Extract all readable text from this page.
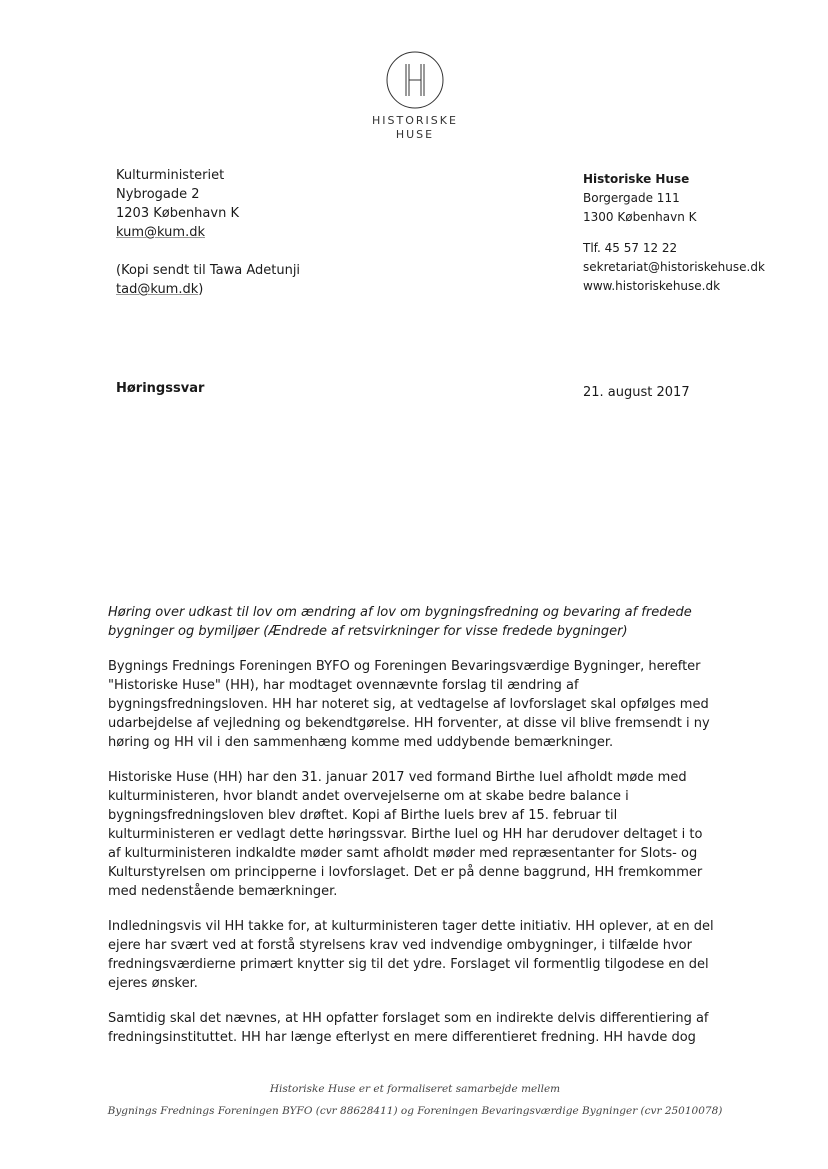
HISTORISKE
HUSE
Kulturministeriet
Nybrogade 2
1203 København K
kum@kum.dk
(Kopi sendt til Tawa Adetunji
tad@kum.dk)
Historiske Huse
Borgergade 111
1300 København K
Tlf. 45 57 12 22
sekretariat@historiskehuse.dk
www.historiskehuse.dk
Høringssvar	21. august 2017

Høring over udkast til lov om ændring af lov om bygningsfredning og bevaring af fredede bygninger og bymiljøer (Ændrede af retsvirkninger for visse fredede bygninger)

Bygnings Frednings Foreningen BYFO og Foreningen Bevaringsværdige Bygninger, herefter "Historiske Huse" (HH), har modtaget ovennævnte forslag til ændring af bygningsfredningsloven. HH har noteret sig, at vedtagelse af lovforslaget skal opfølges med udarbejdelse af vejledning og bekendtgørelse. HH forventer, at disse vil blive fremsendt i ny høring og HH vil i den sammenhæng komme med uddybende bemærkninger.

Historiske Huse (HH) har den 31. januar 2017 ved formand Birthe Iuel afholdt møde med kulturministeren, hvor blandt andet overvejelserne om at skabe bedre balance i bygningsfredningsloven blev drøftet. Kopi af Birthe Iuels brev af 15. februar til kulturministeren er vedlagt dette høringssvar. Birthe Iuel og HH har derudover deltaget i to af kulturministeren indkaldte møder samt afholdt møder med repræsentanter for Slots- og Kulturstyrelsen om principperne i lovforslaget. Det er på denne baggrund, HH fremkommer med nedenstående bemærkninger.

Indledningsvis vil HH takke for, at kulturministeren tager dette initiativ. HH oplever, at en del ejere har svært ved at forstå styrelsens krav ved indvendige ombygninger, i tilfælde hvor fredningsværdierne primært knytter sig til det ydre. Forslaget vil formentlig tilgodese en del ejeres ønsker.

Samtidig skal det nævnes, at HH opfatter forslaget som en indirekte delvis differentiering af fredningsinstituttet. HH har længe efterlyst en mere differentieret fredning. HH havde dog

Historiske Huse er et formaliseret samarbejde mellem
Bygnings Frednings Foreningen BYFO (cvr 88628411) og Foreningen Bevaringsværdige Bygninger (cvr 25010078)
